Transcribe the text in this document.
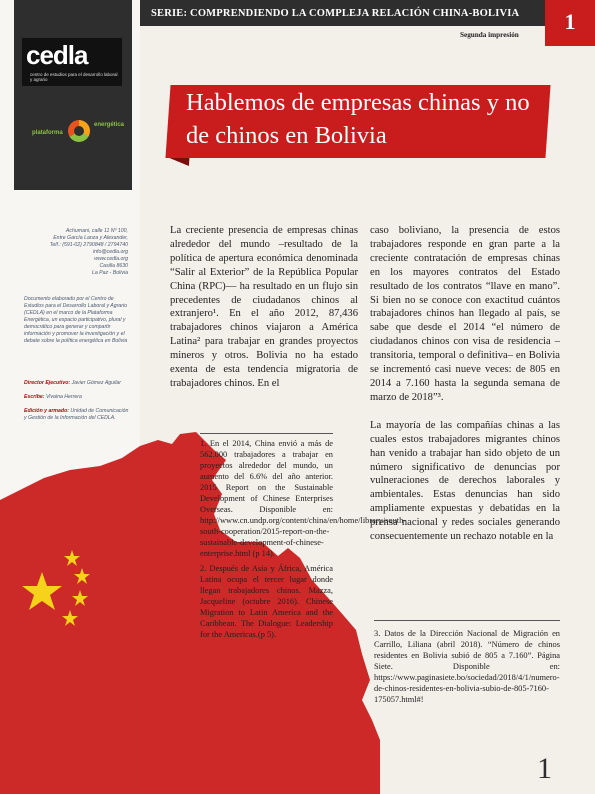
cedla
centro de estudios para el desarrollo laboral y agrario
plataforma
energética
Achumani, calle 11 Nº 100,
Entre García Lanza y Alexander,
Telf.: (591-02) 2790848 / 2794740
info@cedla.org
www.cedla.org
Casilla 8630
La Paz - Bolivia
Documento elaborado por el Centro de Estudios para el Desarrollo Laboral y Agrario (CEDLA) en el marco de la Plataforma Energética, un espacio participativo, plural y democrático para generar y compartir información y promover la investigación y el debate sobre la política energética en Bolivia

Director Ejecutivo: Javier Gómez Aguilar

Escribe: Vivaina Herrera

Edición y armado: Unidad de Comunicación y Gestión de la Información del CEDLA.

SERIE: COMPRENDIENDO LA COMPLEJA RELACIÓN CHINA-BOLIVIA	1
Segunda impresión
Hablemos de empresas chinas y no de chinos en Bolivia

La creciente presencia de empresas chinas alrededor del mundo –resultado de la política de apertura económica denominada “Salir al Exterior” de la República Popular China (RPC)— ha resultado en un flujo sin precedentes de ciudadanos chinos al extranjero¹. En el año 2012, 87,436 trabajadores chinos viajaron a América Latina² para trabajar en grandes proyectos mineros y otros. Bolivia no ha estado exenta de esta tendencia migratoria de trabajadores chinos. En el

caso boliviano, la presencia de estos trabajadores responde en gran parte a la creciente contratación de empresas chinas en los mayores contratos del Estado resultado de los contratos “llave en mano”. Si bien no se conoce con exactitud cuántos trabajadores chinos han llegado al país, se sabe que desde el 2014 “el número de ciudadanos chinos con visa de residencia –transitoria, temporal o definitiva– en Bolivia se incrementó casi nueve veces: de 805 en 2014 a 7.160 hasta la segunda semana de marzo de 2018”³.

La mayoría de las compañías chinas a las cuales estos trabajadores migrantes chinos han venido a trabajar han sido objeto de un número significativo de denuncias por vulneraciones de derechos laborales y ambientales. Estas denuncias han sido ampliamente expuestas y debatidas en la prensa nacional y redes sociales generando consecuentemente un rechazo notable en la

1. En el 2014, China envió a más de 562.000 trabajadores a trabajar en proyectos alrededor del mundo, un aumento del 6.6% del año anterior. 2015 Report on the Sustainable Development of Chinese Enterprises Overseas. Disponible en: http://www.cn.undp.org/content/china/en/home/library/south-south-cooperation/2015-report-on-the-sustainable-development-of-chinese-enterprise.html (p 14).

2. Después de Asia y África, América Latina ocupa el tercer lugar donde llegan trabajadores chinos. Mazza, Jacqueline (octubre 2016). Chinese Migration to Latin America and the Caribbean. The Dialogue: Leadership for the Americas.(p 5).	3. Datos de la Dirección Nacional de Migración en Carrillo, Liliana (abril 2018). “Número de chinos residentes en Bolivia subió de 805 a 7.160”. Página Siete. Disponible en: https://www.paginasiete.bo/sociedad/2018/4/1/numero-de-chinos-residentes-en-bolivia-subio-de-805-7160-175057.html#!

1
